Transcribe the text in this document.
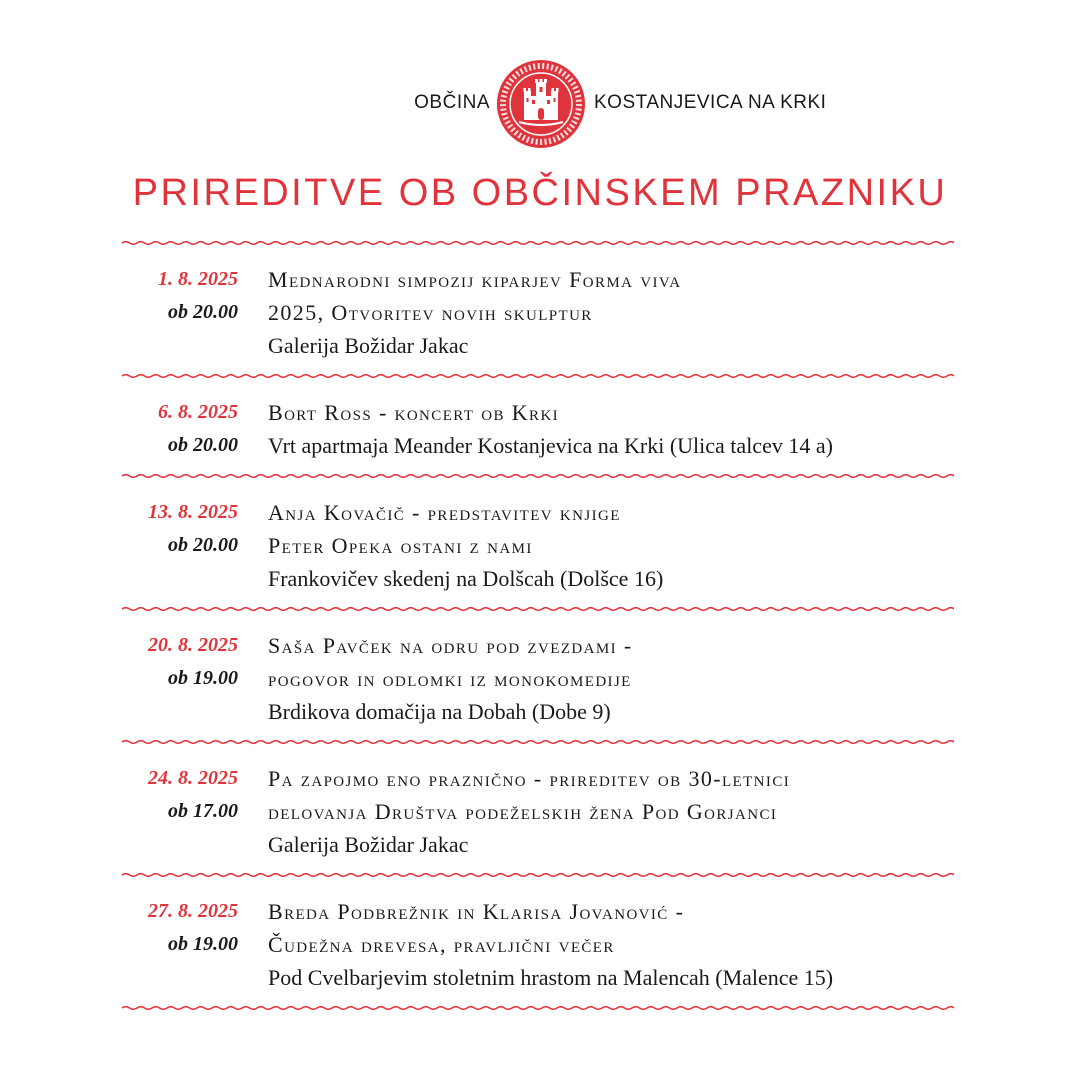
OBČINA	KOSTANJEVICA NA KRKI
PRIREDITVE OB OBČINSKEM PRAZNIKU
1. 8. 2025
ob 20.00
Mednarodni simpozij kiparjev Forma viva
2025, Otvoritev novih skulptur
Galerija Božidar Jakac
6. 8. 2025
ob 20.00
Bort Ross - koncert ob Krki
Vrt apartmaja Meander Kostanjevica na Krki (Ulica talcev 14 a)
13. 8. 2025
ob 20.00
Anja Kovačič - predstavitev knjige
Peter Opeka ostani z nami
Frankovičev skedenj na Dolšcah (Dolšce 16)
20. 8. 2025
ob 19.00
Saša Pavček na odru pod zvezdami -
pogovor in odlomki iz monokomedije
Brdikova domačija na Dobah (Dobe 9)
24. 8. 2025
ob 17.00
Pa zapojmo eno praznično - prireditev ob 30-letnici
delovanja Društva podeželskih žena Pod Gorjanci
Galerija Božidar Jakac
27. 8. 2025
ob 19.00
Breda Podbrežnik in Klarisa Jovanović -
Čudežna drevesa, pravljični večer
Pod Cvelbarjevim stoletnim hrastom na Malencah (Malence 15)
